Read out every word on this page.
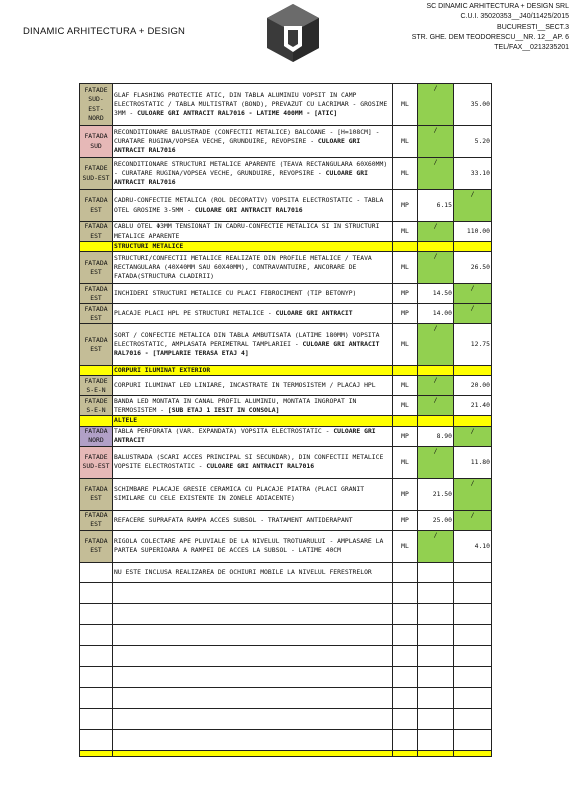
DINAMIC ARHITECTURA + DESIGN
SC DINAMIC ARHITECTURA + DESIGN SRL
C.U.I. 35020353__J40/11425/2015
BUCURESTI__SECT.3
STR. GHE. DEM TEODORESCU__NR. 12__AP. 6
TEL/FAX__0213235201
FATADE SUD-EST-NORD	GLAF FLASHING PROTECTIE ATIC, DIN TABLA ALUMINIU VOPSIT IN CAMP ELECTROSTATIC / TABLA MULTISTRAT (BOND), PREVAZUT CU LACRIMAR - GROSIME 3MM - CULOARE GRI ANTRACIT RAL7016 - LATIME 400MM - [ATIC]	ML	/	35.00
FATADA SUD	RECONDITIONARE BALUSTRADE (CONFECTII METALICE) BALCOANE - [H=108CM] - CURATARE RUGINA/VOPSEA VECHE, GRUNDUIRE, REVOPSIRE - CULOARE GRI ANTRACIT RAL7016	ML	/	5.20
FATADE SUD-EST	RECONDITIONARE STRUCTURI METALICE APARENTE (TEAVA RECTANGULARA 60X60MM) - CURATARE RUGINA/VOPSEA VECHE, GRUNDUIRE, REVOPSIRE - CULOARE GRI ANTRACIT RAL7016	ML	/	33.10
FATADA EST	CADRU-CONFECTIE METALICA (ROL DECORATIV) VOPSITA ELECTROSTATIC - TABLA OTEL GROSIME 3-5MM - CULOARE GRI ANTRACIT RAL7016	MP	6.15	/
FATADA EST	CABLU OTEL Φ3MM TENSIONAT IN CADRU-CONFECTIE METALICA SI IN STRUCTURI METALICE APARENTE	ML	/	110.00
	STRUCTURI METALICE			
FATADA EST	STRUCTURI/CONFECTII METALICE REALIZATE DIN PROFILE METALICE / TEAVA RECTANGULARA (40X40MM SAU 60X40MM), CONTRAVANTUIRE, ANCORARE DE FATADA(STRUCTURA CLADIRII)	ML	/	26.50
FATADA EST	INCHIDERI STRUCTURI METALICE CU PLACI FIBROCIMENT (TIP BETONYP)	MP	14.50	/
FATADA EST	PLACAJE PLACI HPL PE STRUCTURI METALICE - CULOARE GRI ANTRACIT	MP	14.00	/
FATADA EST	SORT / CONFECTIE METALICA DIN TABLA AMBUTISATA (LATIME 180MM) VOPSITA ELECTROSTATIC, AMPLASATA PERIMETRAL TAMPLARIEI - CULOARE GRI ANTRACIT RAL7016 - [TAMPLARIE TERASA ETAJ 4]	ML	/	12.75
	CORPURI ILUMINAT EXTERIOR			
FATADE S-E-N	CORPURI ILUMINAT LED LINIARE, INCASTRATE IN TERMOSISTEM / PLACAJ HPL	ML	/	20.00
FATADE S-E-N	BANDA LED MONTATA IN CANAL PROFIL ALUMINIU, MONTATA INGROPAT IN TERMOSISTEM - [SUB ETAJ 1 IESIT IN CONSOLA]	ML	/	21.40
	ALTELE			
FATADA NORD	TABLA PERFORATA (VAR. EXPANDATA) VOPSITA ELECTROSTATIC - CULOARE GRI ANTRACIT	MP	8.90	/
FATADE SUD-EST	BALUSTRADA (SCARI ACCES PRINCIPAL SI SECUNDAR), DIN CONFECTII METALICE VOPSITE ELECTROSTATIC - CULOARE GRI ANTRACIT RAL7016	ML	/	11.80
FATADA EST	SCHIMBARE PLACAJE GRESIE CERAMICA CU PLACAJE PIATRA (PLACI GRANIT SIMILARE CU CELE EXISTENTE IN ZONELE ADIACENTE)	MP	21.50	/
FATADA EST	REFACERE SUPRAFATA RAMPA ACCES SUBSOL - TRATAMENT ANTIDERAPANT	MP	25.00	/
FATADA EST	RIGOLA COLECTARE APE PLUVIALE DE LA NIVELUL TROTUARULUI - AMPLASARE LA PARTEA SUPERIOARA A RAMPEI DE ACCES LA SUBSOL - LATIME 40CM	ML	/	4.10
	NU ESTE INCLUSA REALIZAREA DE OCHIURI MOBILE LA NIVELUL FERESTRELOR			
